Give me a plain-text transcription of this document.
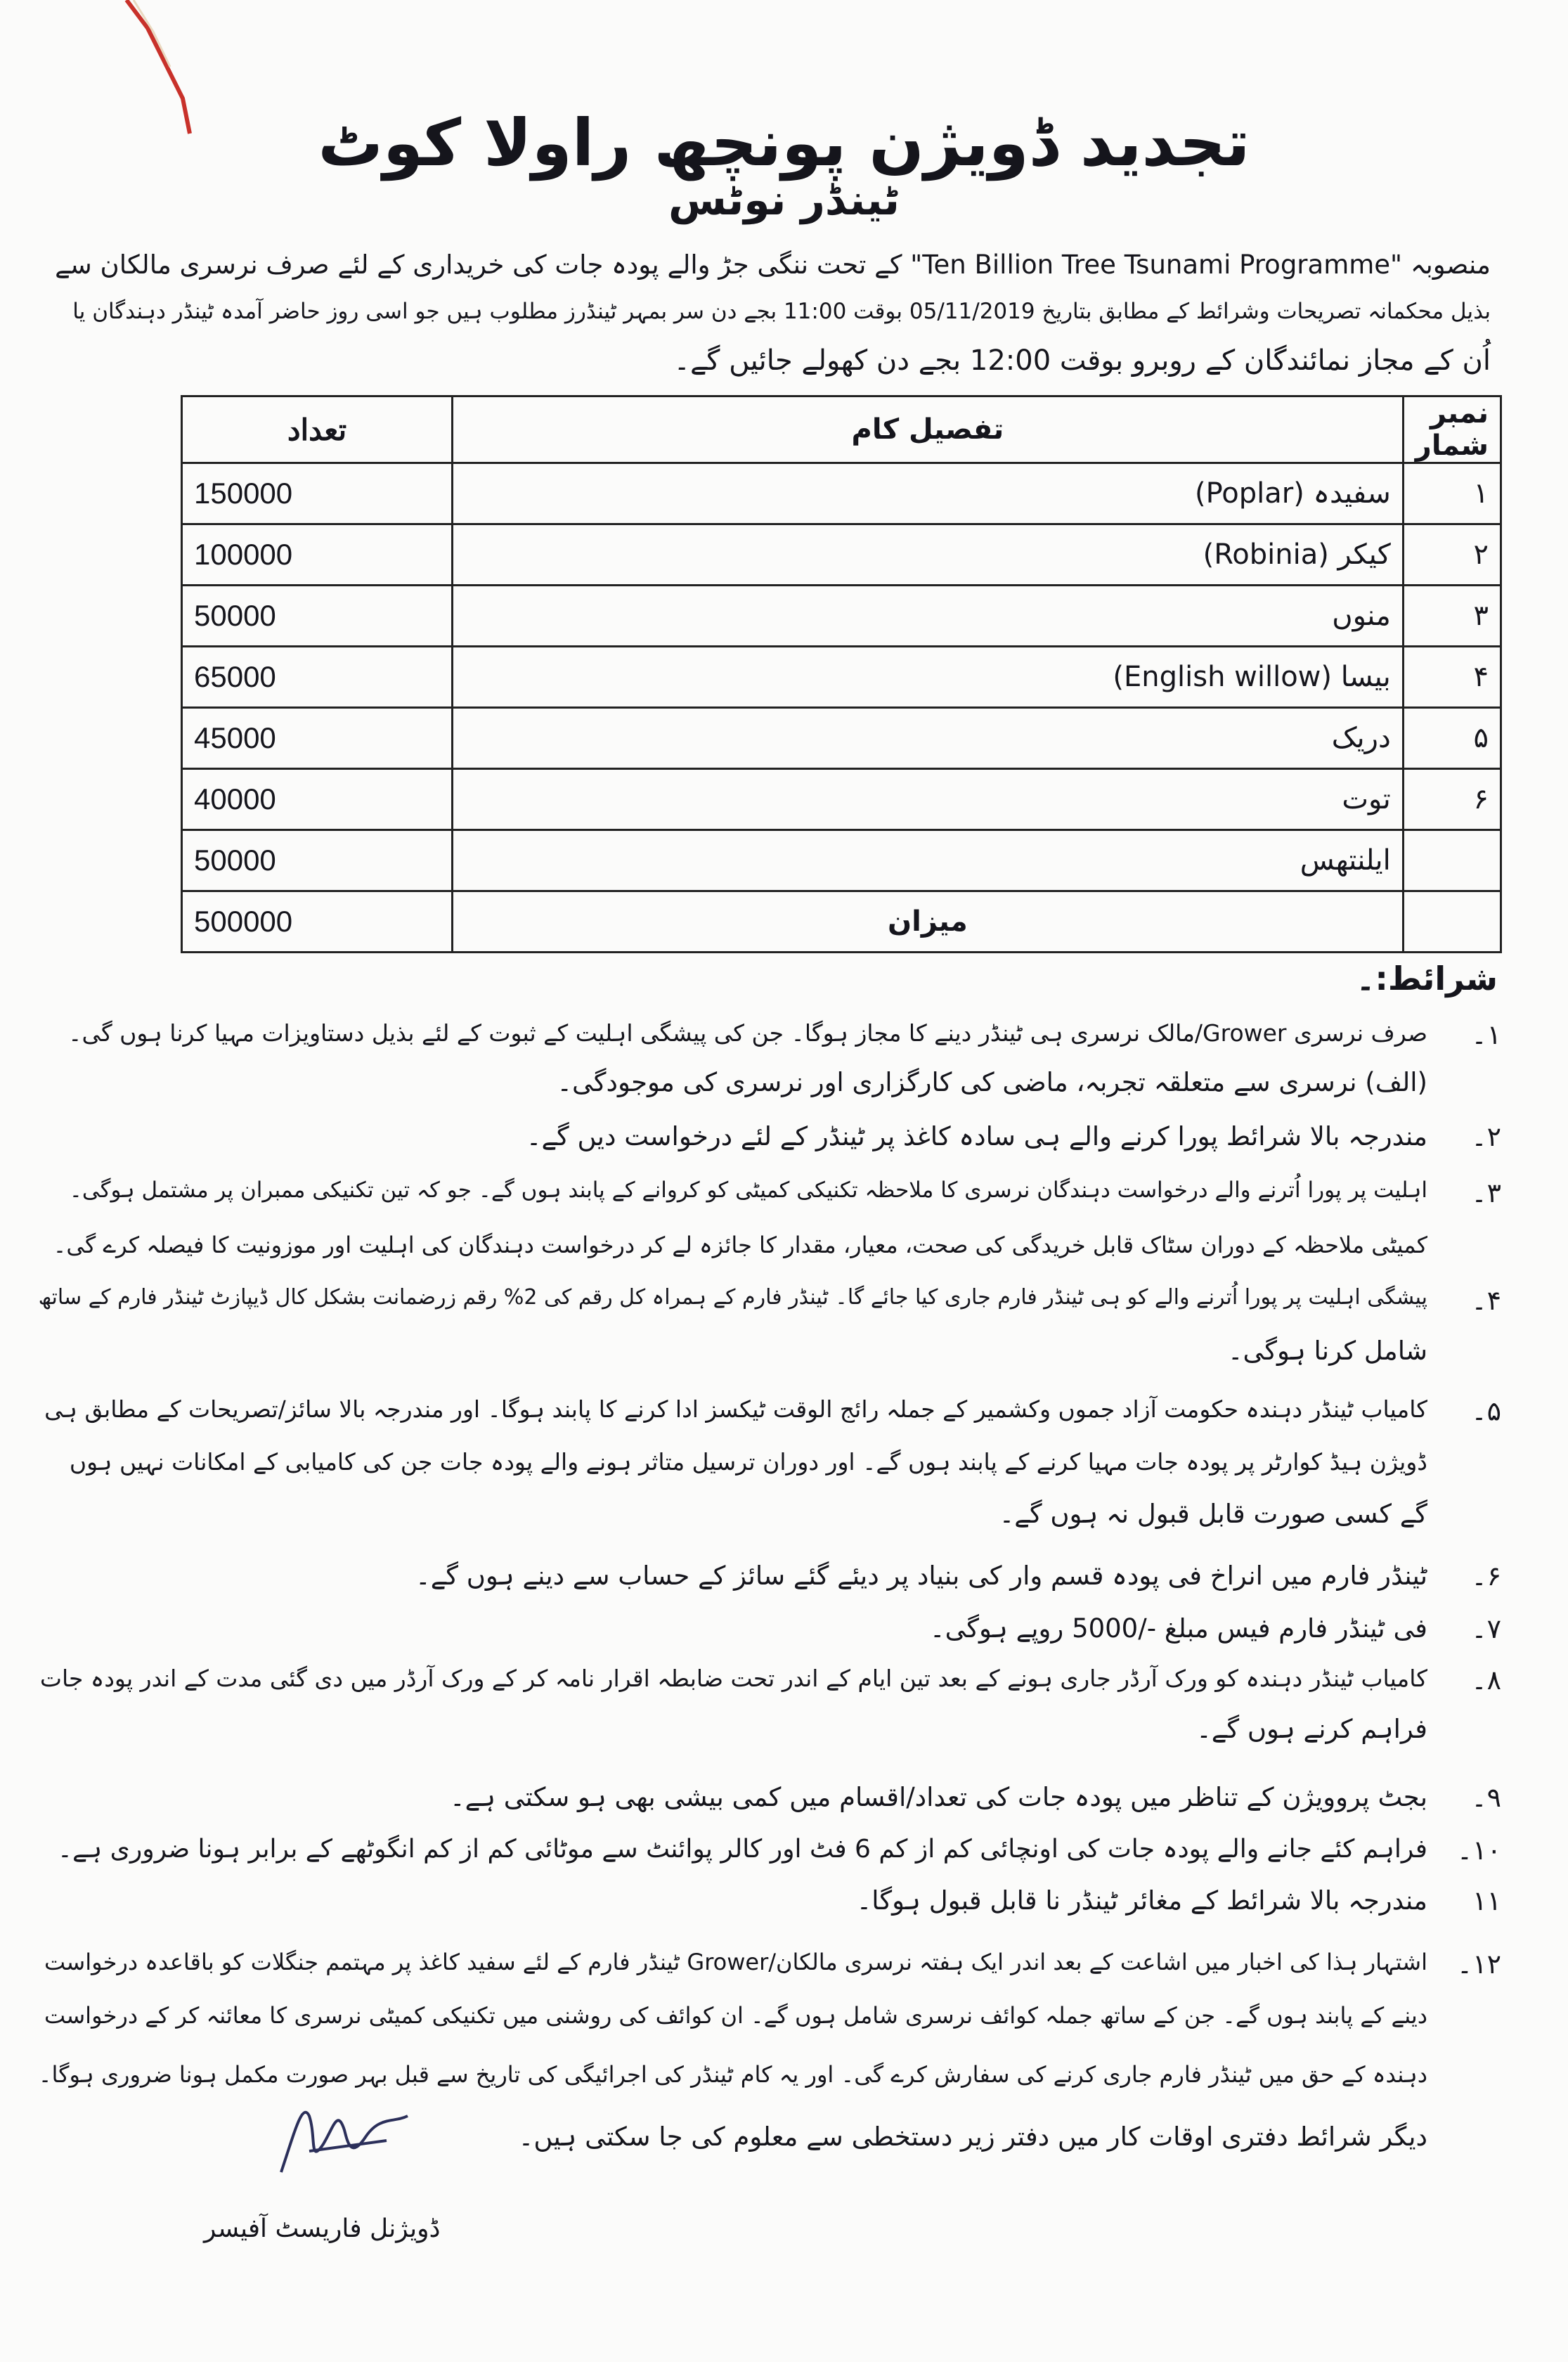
تجدید ڈویژن پونچھ راولا کوٹ
ٹینڈر نوٹس
منصوبہ "Ten Billion Tree Tsunami Programme" کے تحت ننگی جڑ والے پودہ جات کی خریداری کے لئے صرف نرسری مالکان سے
بذیل محکمانہ تصریحات وشرائط کے مطابق بتاریخ 05/11/2019 بوقت 11:00 بجے دن سر بمہر ٹینڈرز مطلوب ہیں جو اسی روز حاضر آمدہ ٹینڈر دہندگان یا
اُن کے مجاز نمائندگان کے روبرو بوقت 12:00 بجے دن کھولے جائیں گے۔
تعداد	تفصیل کام	نمبر شمار
150000	سفیدہ (Poplar)	۱
100000	کیکر (Robinia)	۲
50000	منوں	۳
65000	بیسا (English willow)	۴
45000	دریک	۵
40000	توت	۶
50000	ایلنتھس	
500000	میزان	
شرائط:۔
۱۔
صرف نرسری Grower/مالک نرسری ہی ٹینڈر دینے کا مجاز ہوگا۔ جن کی پیشگی اہلیت کے ثبوت کے لئے بذیل دستاویزات مہیا کرنا ہوں گی۔
(الف) نرسری سے متعلقہ تجربہ، ماضی کی کارگزاری اور نرسری کی موجودگی۔
۲۔
مندرجہ بالا شرائط پورا کرنے والے ہی سادہ کاغذ پر ٹینڈر کے لئے درخواست دیں گے۔
۳۔
اہلیت پر پورا اُترنے والے درخواست دہندگان نرسری کا ملاحظہ تکنیکی کمیٹی کو کروانے کے پابند ہوں گے۔ جو کہ تین تکنیکی ممبران پر مشتمل ہوگی۔
کمیٹی ملاحظہ کے دوران سٹاک قابل خریدگی کی صحت، معیار، مقدار کا جائزہ لے کر درخواست دہندگان کی اہلیت اور موزونیت کا فیصلہ کرے گی۔
۴۔
پیشگی اہلیت پر پورا اُترنے والے کو ہی ٹینڈر فارم جاری کیا جائے گا۔ ٹینڈر فارم کے ہمراہ کل رقم کی 2% رقم زرضمانت بشکل کال ڈیپازٹ ٹینڈر فارم کے ساتھ
شامل کرنا ہوگی۔
۵۔
کامیاب ٹینڈر دہندہ حکومت آزاد جموں وکشمیر کے جملہ رائج الوقت ٹیکسز ادا کرنے کا پابند ہوگا۔ اور مندرجہ بالا سائز/تصریحات کے مطابق ہی
ڈویژن ہیڈ کوارٹر پر پودہ جات مہیا کرنے کے پابند ہوں گے۔ اور دوران ترسیل متاثر ہونے والے پودہ جات جن کی کامیابی کے امکانات نہیں ہوں
گے کسی صورت قابل قبول نہ ہوں گے۔
۶۔
ٹینڈر فارم میں انراخ فی پودہ قسم وار کی بنیاد پر دیئے گئے سائز کے حساب سے دینے ہوں گے۔
۷۔
فی ٹینڈر فارم فیس مبلغ -/5000 روپے ہوگی۔
۸۔
کامیاب ٹینڈر دہندہ کو ورک آرڈر جاری ہونے کے بعد تین ایام کے اندر تحت ضابطہ اقرار نامہ کر کے ورک آرڈر میں دی گئی مدت کے اندر پودہ جات
فراہم کرنے ہوں گے۔
۹۔
بجٹ پروویژن کے تناظر میں پودہ جات کی تعداد/اقسام میں کمی بیشی بھی ہو سکتی ہے۔
۱۰۔
فراہم کئے جانے والے پودہ جات کی اونچائی کم از کم 6 فٹ اور کالر پوائنٹ سے موٹائی کم از کم انگوٹھے کے برابر ہونا ضروری ہے۔
۱۱
مندرجہ بالا شرائط کے مغائر ٹینڈر نا قابل قبول ہوگا۔
۱۲۔
اشتہار ہذا کی اخبار میں اشاعت کے بعد اندر ایک ہفتہ نرسری مالکان/Grower ٹینڈر فارم کے لئے سفید کاغذ پر مہتمم جنگلات کو باقاعدہ درخواست
دینے کے پابند ہوں گے۔ جن کے ساتھ جملہ کوائف نرسری شامل ہوں گے۔ ان کوائف کی روشنی میں تکنیکی کمیٹی نرسری کا معائنہ کر کے درخواست
دہندہ کے حق میں ٹینڈر فارم جاری کرنے کی سفارش کرے گی۔ اور یہ کام ٹینڈر کی اجرائیگی کی تاریخ سے قبل بہر صورت مکمل ہونا ضروری ہوگا۔
دیگر شرائط دفتری اوقات کار میں دفتر زیر دستخطی سے معلوم کی جا سکتی ہیں۔
ڈویژنل فاریسٹ آفیسر
